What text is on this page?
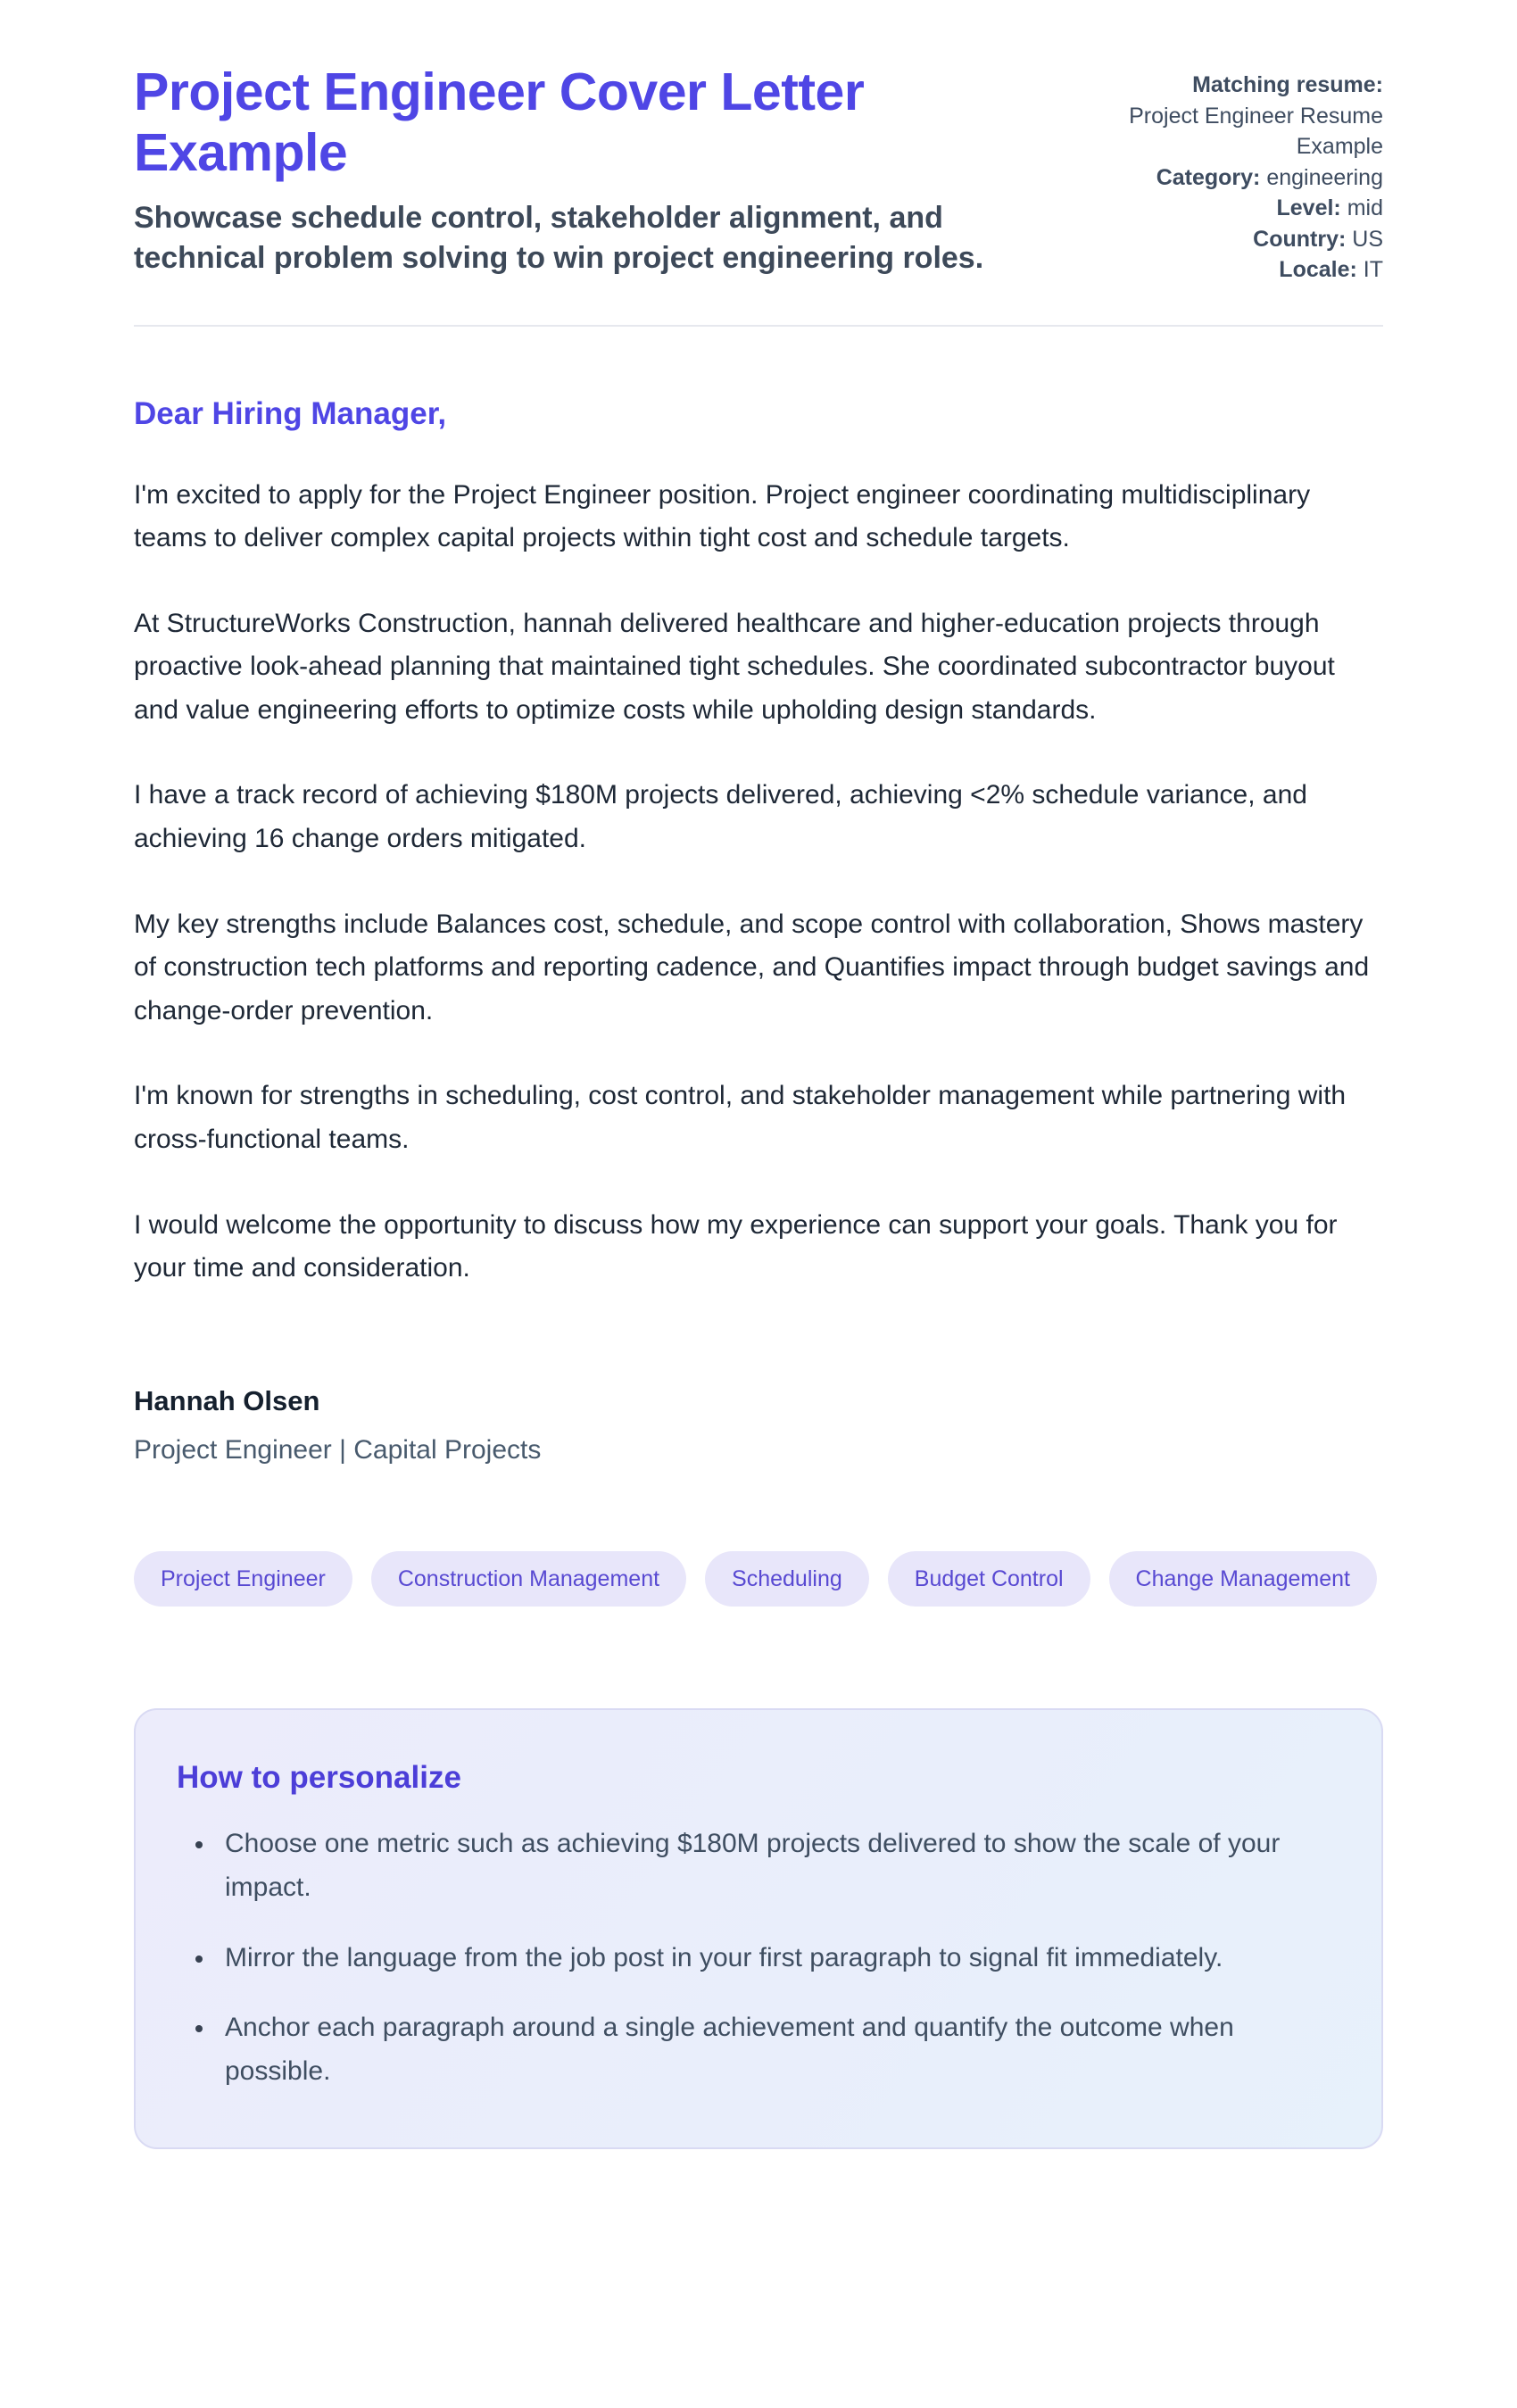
Project Engineer Cover Letter Example

Showcase schedule control, stakeholder alignment, and technical problem solving to win project engineering roles.

Matching resume:
Project Engineer Resume Example
Category: engineering
Level: mid
Country: US
Locale: IT

Dear Hiring Manager,

I'm excited to apply for the Project Engineer position. Project engineer coordinating multidisciplinary teams to deliver complex capital projects within tight cost and schedule targets.

At StructureWorks Construction, hannah delivered healthcare and higher-education projects through proactive look-ahead planning that maintained tight schedules. She coordinated subcontractor buyout and value engineering efforts to optimize costs while upholding design standards.

I have a track record of achieving $180M projects delivered, achieving <2% schedule variance, and achieving 16 change orders mitigated.

My key strengths include Balances cost, schedule, and scope control with collaboration, Shows mastery of construction tech platforms and reporting cadence, and Quantifies impact through budget savings and change-order prevention.

I'm known for strengths in scheduling, cost control, and stakeholder management while partnering with cross-functional teams.

I would welcome the opportunity to discuss how my experience can support your goals. Thank you for your time and consideration.

Hannah Olsen

Project Engineer | Capital Projects

Project Engineer	Construction Management	Scheduling	Budget Control	Change Management
How to personalize
• Choose one metric such as achieving $180M projects delivered to show the scale of your impact.
• Mirror the language from the job post in your first paragraph to signal fit immediately.
• Anchor each paragraph around a single achievement and quantify the outcome when possible.
